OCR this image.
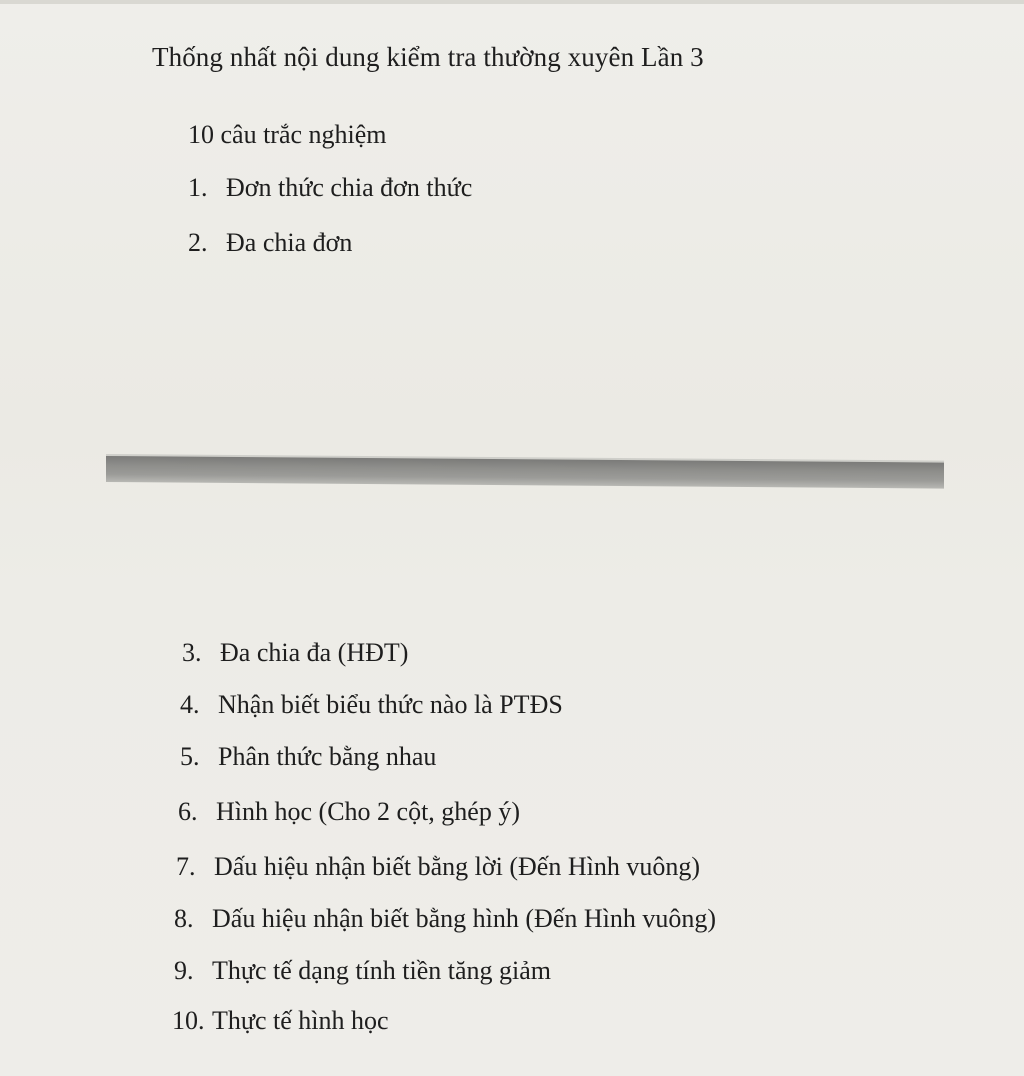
Thống nhất nội dung kiểm tra thường xuyên Lần 3
10 câu trắc nghiệm
1. Đơn thức chia đơn thức
2. Đa chia đơn
3. Đa chia đa (HĐT)
4. Nhận biết biểu thức nào là PTĐS
5. Phân thức bằng nhau
6. Hình học (Cho 2 cột, ghép ý)
7. Dấu hiệu nhận biết bằng lời (Đến Hình vuông)
8. Dấu hiệu nhận biết bằng hình (Đến Hình vuông)
9. Thực tế dạng tính tiền tăng giảm
10. Thực tế hình học
